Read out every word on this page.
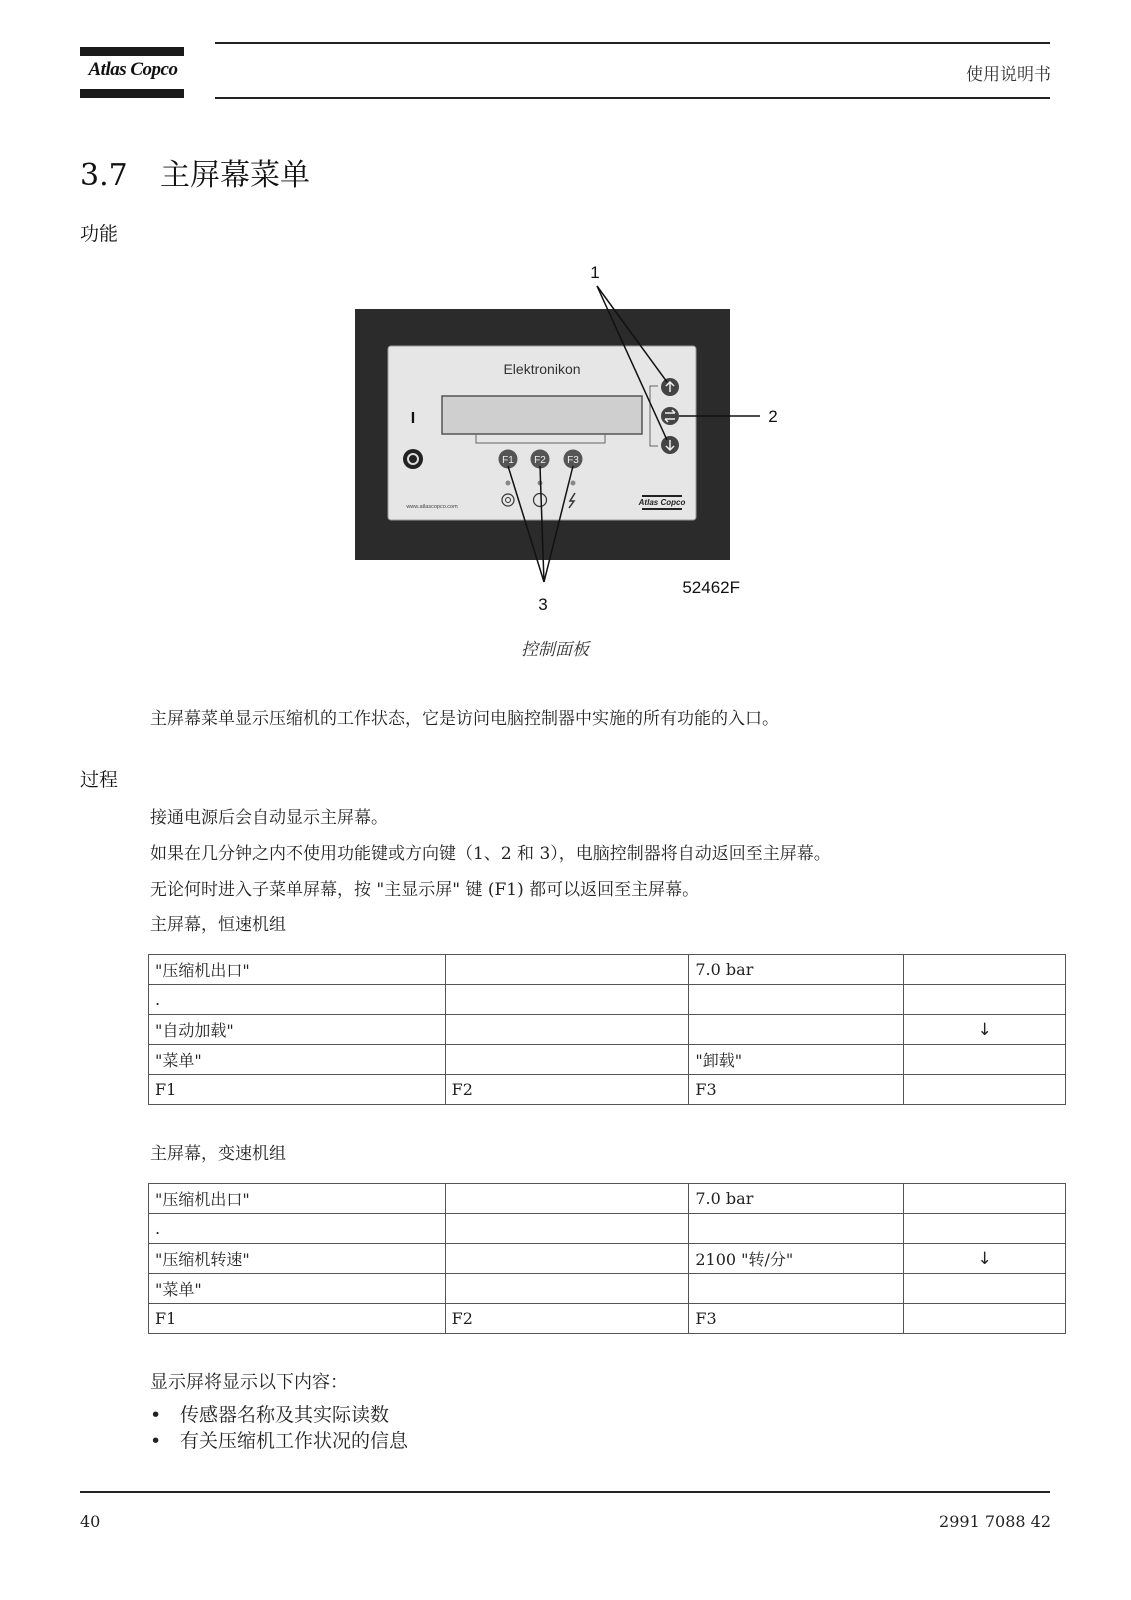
Atlas Copco	使用说明书
3.7 主屏幕菜单
功能
Elektronikon
I
F1 F2 F3
www.atlascopco.com	Atlas Copco
1
2
3
52462F
控制面板
主屏幕菜单显示压缩机的工作状态，它是访问电脑控制器中实施的所有功能的入口。
过程
接通电源后会自动显示主屏幕。
如果在几分钟之内不使用功能键或方向键（1、2 和 3），电脑控制器将自动返回至主屏幕。
无论何时进入子菜单屏幕，按 "主显示屏" 键 (F1) 都可以返回至主屏幕。
主屏幕，恒速机组
"压缩机出口"		7.0 bar	
.			
"自动加载"			↓
"菜单"		"卸载"	
F1	F2	F3	
主屏幕，变速机组
"压缩机出口"		7.0 bar	
.			
"压缩机转速"		2100 "转/分"	↓
"菜单"			
F1	F2	F3	
显示屏将显示以下内容：
• 传感器名称及其实际读数
• 有关压缩机工作状况的信息
40	2991 7088 42
